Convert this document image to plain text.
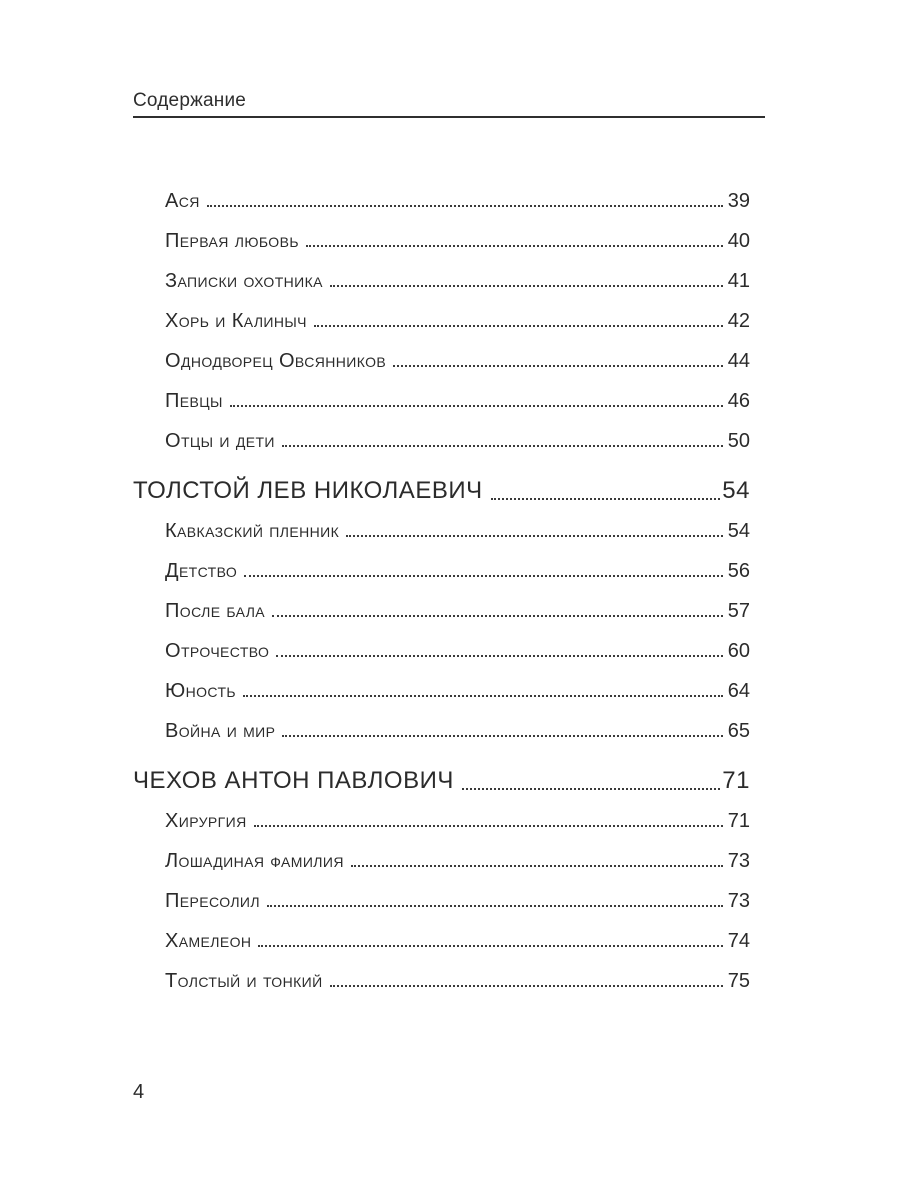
Содержание
Ася	39
Первая любовь	40
Записки охотника	41
Хорь и Калиныч	42
Однодворец Овсянников	44
Певцы	46
Отцы и дети	50
ТОЛСТОЙ ЛЕВ НИКОЛАЕВИЧ	54
Кавказский пленник	54
Детство	56
После бала	57
Отрочество	60
Юность	64
Война и мир	65
ЧЕХОВ АНТОН ПАВЛОВИЧ	71
Хирургия	71
Лошадиная фамилия	73
Пересолил	73
Хамелеон	74
Толстый и тонкий	75
4
